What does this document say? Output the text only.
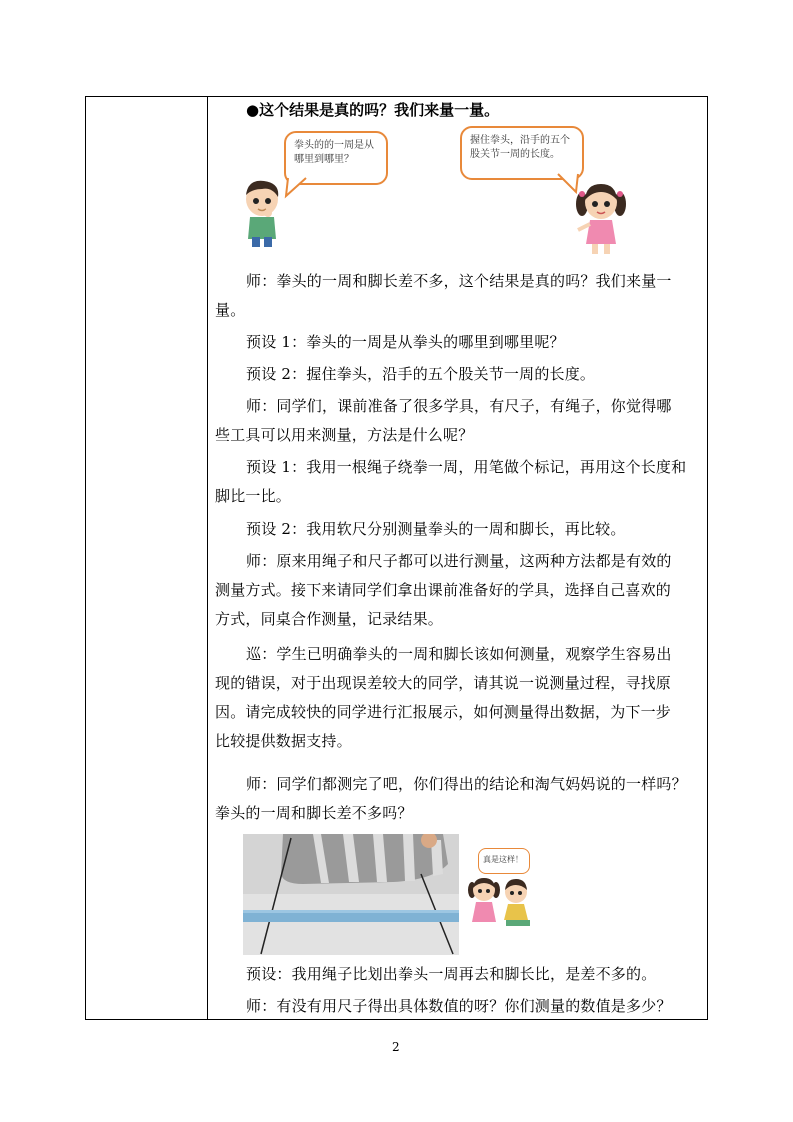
●这个结果是真的吗？我们来量一量。
拳头的的一周是从哪里到哪里？
握住拳头，沿手的五个股关节一周的长度。
师：拳头的一周和脚长差不多，这个结果是真的吗？我们来量一
量。
预设 1：拳头的一周是从拳头的哪里到哪里呢？
预设 2：握住拳头，沿手的五个股关节一周的长度。
师：同学们，课前准备了很多学具，有尺子，有绳子，你觉得哪
些工具可以用来测量，方法是什么呢？
预设 1：我用一根绳子绕拳一周，用笔做个标记，再用这个长度和
脚比一比。
预设 2：我用软尺分别测量拳头的一周和脚长，再比较。
师：原来用绳子和尺子都可以进行测量，这两种方法都是有效的
测量方式。接下来请同学们拿出课前准备好的学具，选择自己喜欢的
方式，同桌合作测量，记录结果。
巡：学生已明确拳头的一周和脚长该如何测量，观察学生容易出
现的错误，对于出现误差较大的同学，请其说一说测量过程，寻找原
因。请完成较快的同学进行汇报展示，如何测量得出数据，为下一步
比较提供数据支持。
师：同学们都测完了吧，你们得出的结论和淘气妈妈说的一样吗？
拳头的一周和脚长差不多吗？
真是这样！
预设：我用绳子比划出拳头一周再去和脚长比，是差不多的。
师：有没有用尺子得出具体数值的呀？你们测量的数值是多少？
2
